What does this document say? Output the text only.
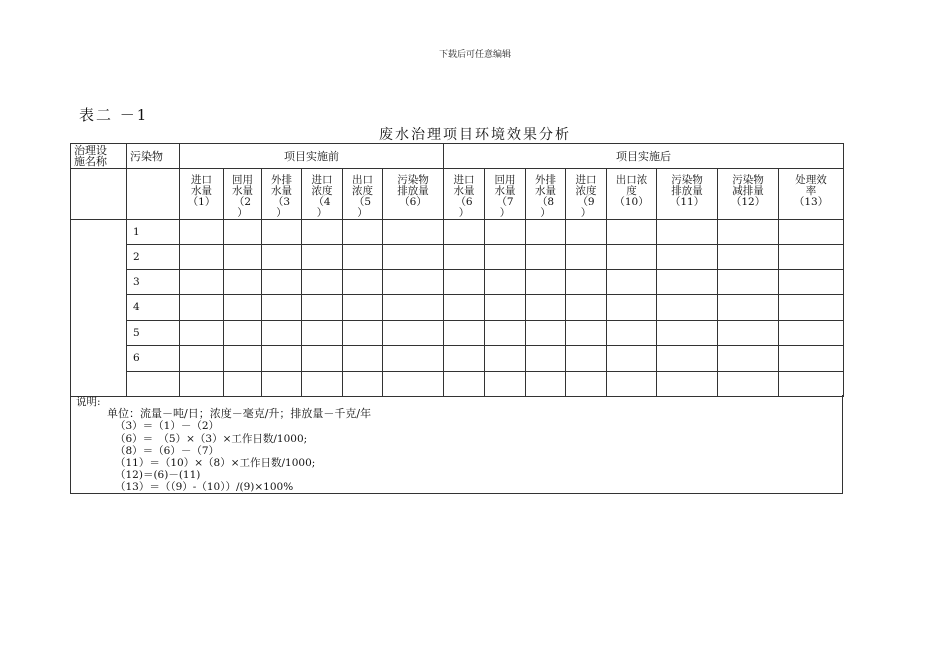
下载后可任意编辑
表二 －1
废水治理项目环境效果分析
治理设
施名称	污染物	项目实施前						项目实施后							

		进口
水量
（1）	回用
水量
（2
）	外排
水量
（3
）	进口
浓度
（4
）	出口
浓度
（5
）	污染物
排放量
（6）	进口
水量
（6
）	回用
水量
（7
）	外排
水量
（8
）	进口
浓度
（9
）	出口浓
度
（10）	污染物
排放量
（11）	污染物
减排量
（12）	处理效
率
（13）

	1														
	2														
	3														
	4														
	5														
	6														

说明:
单位：流量－吨/日；浓度－毫克/升；排放量－千克/年
（3）＝（1）－（2）
（6）＝　（5）×（3）×工作日数/1000;
（8）＝（6）－（7）
（11）＝（10）×（8）×工作日数/1000;
（12)＝(6)－(11)
（13）＝（（9）-（10））/(9)×100%
